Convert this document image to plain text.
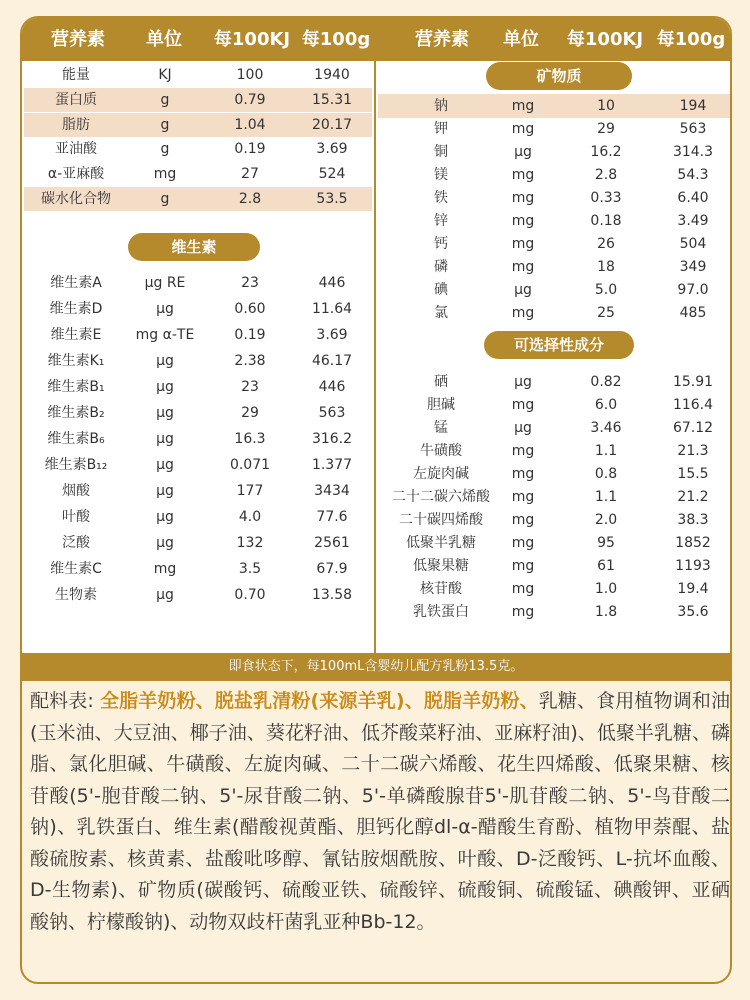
营养素	单位	每100KJ 每100g	营养素	单位	每100KJ 每100g
能量	KJ	100	1940
蛋白质	g	0.79	15.31
脂肪	g	1.04	20.17
亚油酸	g	0.19	3.69
α-亚麻酸	mg	27	524
碳水化合物	g	2.8	53.5
维生素A	μg RE	23	446
维生素D	μg	0.60	11.64
维生素E	mg α-TE	0.19	3.69
维生素K₁	μg	2.38	46.17
维生素B₁	μg	23	446
维生素B₂	μg	29	563
维生素B₆	μg	16.3	316.2
维生素B₁₂	μg	0.071	1.377
烟酸	μg	177	3434
叶酸	μg	4.0	77.6
泛酸	μg	132	2561
维生素C	mg	3.5	67.9
生物素	μg	0.70	13.58
钠	mg	10	194
钾	mg	29	563
铜	μg	16.2	314.3
镁	mg	2.8	54.3
铁	mg	0.33	6.40
锌	mg	0.18	3.49
钙	mg	26	504
磷	mg	18	349
碘	μg	5.0	97.0
氯	mg	25	485
硒	μg	0.82	15.91
胆碱	mg	6.0	116.4
锰	μg	3.46	67.12
牛磺酸	mg	1.1	21.3
左旋肉碱	mg	0.8	15.5
二十二碳六烯酸	mg	1.1	21.2
二十碳四烯酸	mg	2.0	38.3
低聚半乳糖	mg	95	1852
低聚果糖	mg	61	1193
核苷酸	mg	1.0	19.4
乳铁蛋白	mg	1.8	35.6
维生素
矿物质
可选择性成分
即食状态下，每100mL含婴幼儿配方乳粉13.5克。
配料表: 全脂羊奶粉、脱盐乳清粉(来源羊乳)、脱脂羊奶粉、乳糖、食用植物调和油(玉米油、大豆油、椰子油、葵花籽油、低芥酸菜籽油、亚麻籽油)、低聚半乳糖、磷脂、氯化胆碱、牛磺酸、左旋肉碱、二十二碳六烯酸、花生四烯酸、低聚果糖、核苷酸(5'-胞苷酸二钠、5'-尿苷酸二钠、5'-单磷酸腺苷5'-肌苷酸二钠、5'-鸟苷酸二钠)、乳铁蛋白、维生素(醋酸视黄酯、胆钙化醇dl-α-醋酸生育酚、植物甲萘醌、盐酸硫胺素、核黄素、盐酸吡哆醇、氰钴胺烟酰胺、叶酸、D-泛酸钙、L-抗坏血酸、D-生物素)、矿物质(碳酸钙、硫酸亚铁、硫酸锌、硫酸铜、硫酸锰、碘酸钾、亚硒酸钠、柠檬酸钠)、动物双歧杆菌乳亚种Bb-12。
